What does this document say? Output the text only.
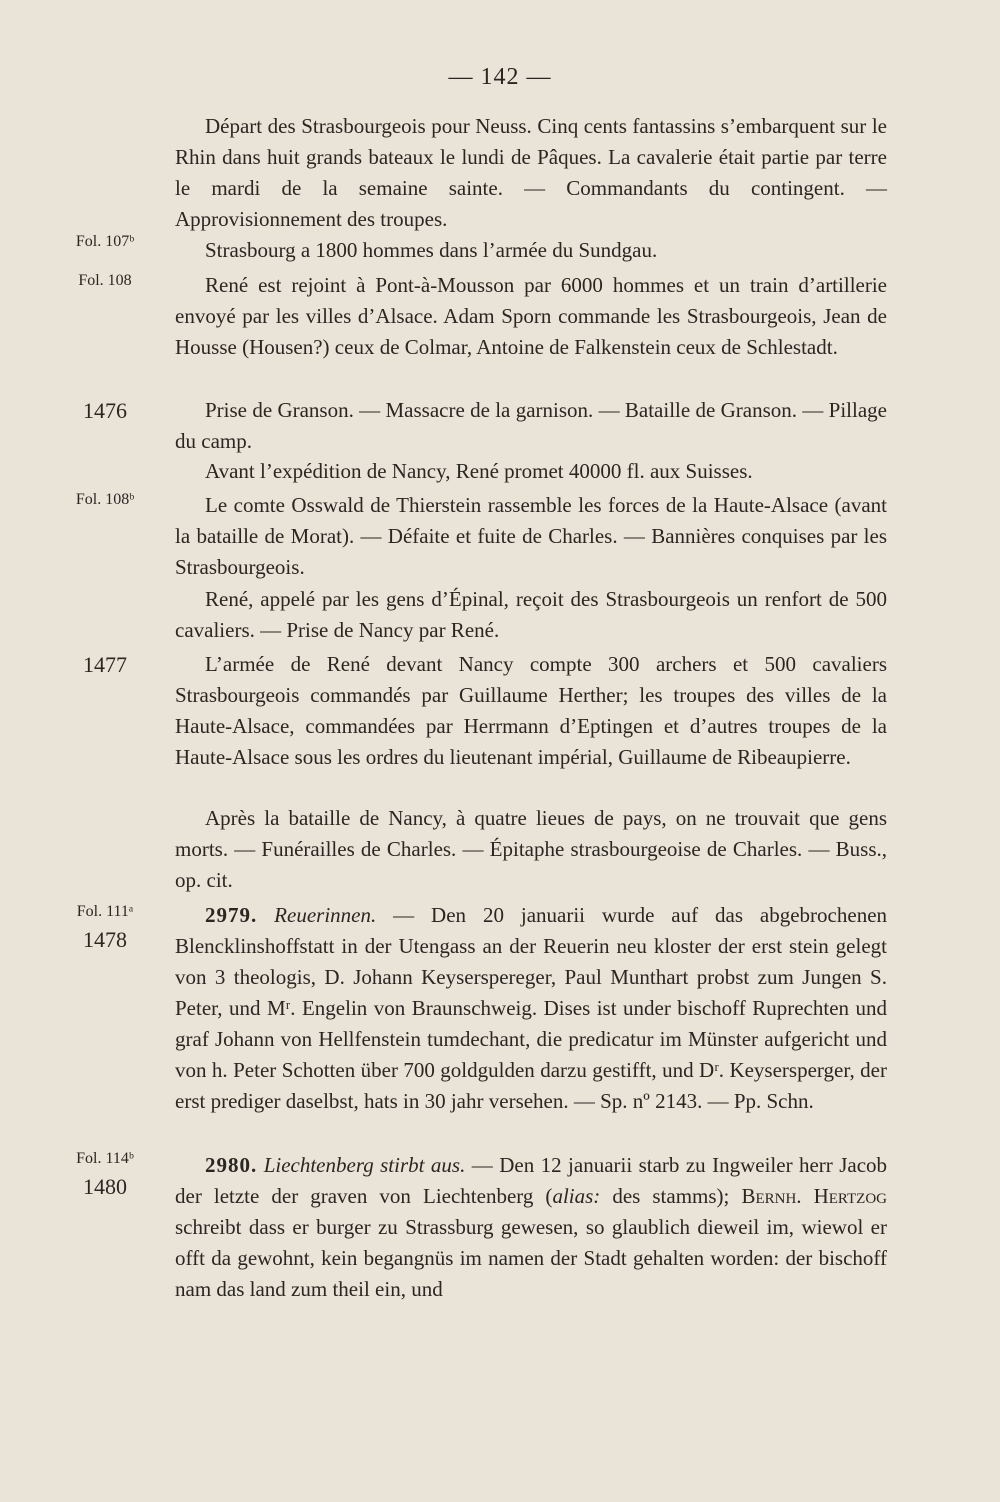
— 142 —
Fol. 107ᵇ
Fol. 108
1476
Fol. 108ᵇ
1477
Fol. 111ᵃ
1478
Fol. 114ᵇ
1480

Départ des Strasbourgeois pour Neuss. Cinq cents fantassins s’embarquent sur le Rhin dans huit grands bateaux le lundi de Pâques. La cavalerie était partie par terre le mardi de la semaine sainte. — Commandants du contingent. — Approvisionnement des troupes.

Strasbourg a 1800 hommes dans l’armée du Sundgau.

René est rejoint à Pont-à-Mousson par 6000 hommes et un train d’artillerie envoyé par les villes d’Alsace. Adam Sporn commande les Strasbourgeois, Jean de Housse (Housen?) ceux de Colmar, Antoine de Falkenstein ceux de Schlestadt.

Prise de Granson. — Massacre de la garnison. — Bataille de Granson. — Pillage du camp.

Avant l’expédition de Nancy, René promet 40000 fl. aux Suisses.

Le comte Osswald de Thierstein rassemble les forces de la Haute-Alsace (avant la bataille de Morat). — Défaite et fuite de Charles. — Bannières conquises par les Strasbourgeois.

René, appelé par les gens d’Épinal, reçoit des Strasbourgeois un renfort de 500 cavaliers. — Prise de Nancy par René.

L’armée de René devant Nancy compte 300 archers et 500 cavaliers Strasbourgeois commandés par Guillaume Herther; les troupes des villes de la Haute-Alsace, commandées par Herrmann d’Eptingen et d’autres troupes de la Haute-Alsace sous les ordres du lieutenant impérial, Guillaume de Ribeaupierre.

Après la bataille de Nancy, à quatre lieues de pays, on ne trouvait que gens morts. — Funérailles de Charles. — Épitaphe strasbourgeoise de Charles. — Buss., op. cit.

2979. Reuerinnen. — Den 20 januarii wurde auf das abgebrochenen Blencklinshoffstatt in der Utengass an der Reuerin neu kloster der erst stein gelegt von 3 theologis, D. Johann Keyserspereger, Paul Munthart probst zum Jungen S. Peter, und Mʳ. Engelin von Braunschweig. Dises ist under bischoff Ruprechten und graf Johann von Hellfenstein tumdechant, die predicatur im Münster aufgericht und von h. Peter Schotten über 700 goldgulden darzu gestifft, und Dʳ. Keysersperger, der erst prediger daselbst, hats in 30 jahr versehen. — Sp. nº 2143. — Pp. Schn.

2980. Liechtenberg stirbt aus. — Den 12 januarii starb zu Ingweiler herr Jacob der letzte der graven von Liechtenberg (alias: des stamms); Bernh. Hertzog schreibt dass er burger zu Strassburg gewesen, so glaublich dieweil im, wiewol er offt da gewohnt, kein begangnüs im namen der Stadt gehalten worden: der bischoff nam das land zum theil ein, und
